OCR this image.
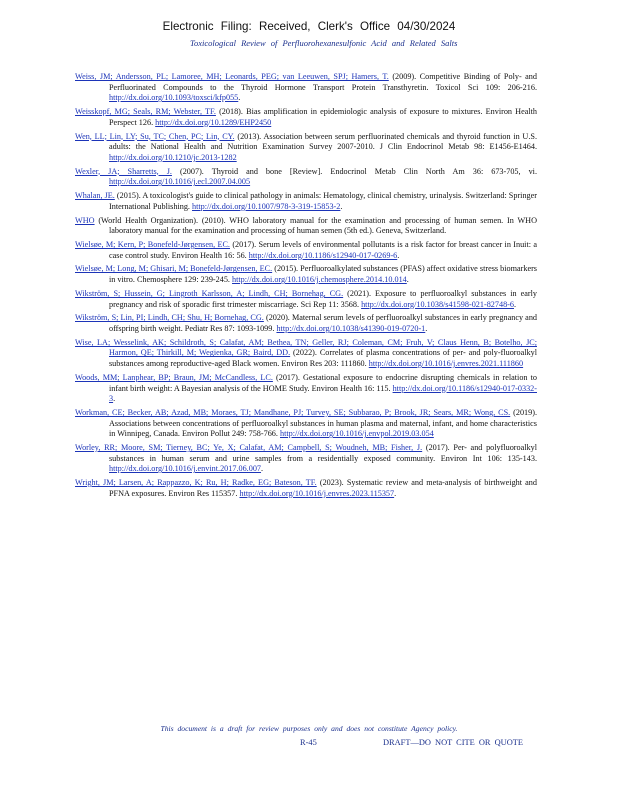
Electronic Filing: Received, Clerk's Office 04/30/2024
Toxicological Review of Perfluorohexanesulfonic Acid and Related Salts
Weiss, JM; Andersson, PL; Lamoree, MH; Leonards, PEG; van Leeuwen, SPJ; Hamers, T. (2009). Competitive Binding of Poly- and Perfluorinated Compounds to the Thyroid Hormone Transport Protein Transthyretin. Toxicol Sci 109: 206-216. http://dx.doi.org/10.1093/toxsci/kfp055.
Weisskopf, MG; Seals, RM; Webster, TF. (2018). Bias amplification in epidemiologic analysis of exposure to mixtures. Environ Health Perspect 126. http://dx.doi.org/10.1289/EHP2450
Wen, LL; Lin, LY; Su, TC; Chen, PC; Lin, CY. (2013). Association between serum perfluorinated chemicals and thyroid function in U.S. adults: the National Health and Nutrition Examination Survey 2007-2010. J Clin Endocrinol Metab 98: E1456-E1464. http://dx.doi.org/10.1210/jc.2013-1282
Wexler, JA; Sharretts, J. (2007). Thyroid and bone [Review]. Endocrinol Metab Clin North Am 36: 673-705, vi. http://dx.doi.org/10.1016/j.ecl.2007.04.005
Whalan, JE. (2015). A toxicologist's guide to clinical pathology in animals: Hematology, clinical chemistry, urinalysis. Switzerland: Springer International Publishing. http://dx.doi.org/10.1007/978-3-319-15853-2.
WHO (World Health Organization). (2010). WHO laboratory manual for the examination and processing of human semen. In WHO laboratory manual for the examination and processing of human semen (5th ed.). Geneva, Switzerland.
Wielsøe, M; Kern, P; Bonefeld-Jørgensen, EC. (2017). Serum levels of environmental pollutants is a risk factor for breast cancer in Inuit: a case control study. Environ Health 16: 56. http://dx.doi.org/10.1186/s12940-017-0269-6.
Wielsøe, M; Long, M; Ghisari, M; Bonefeld-Jørgensen, EC. (2015). Perfluoroalkylated substances (PFAS) affect oxidative stress biomarkers in vitro. Chemosphere 129: 239-245. http://dx.doi.org/10.1016/j.chemosphere.2014.10.014.
Wikström, S; Hussein, G; Lingroth Karlsson, A; Lindh, CH; Bornehag, CG. (2021). Exposure to perfluoroalkyl substances in early pregnancy and risk of sporadic first trimester miscarriage. Sci Rep 11: 3568. http://dx.doi.org/10.1038/s41598-021-82748-6.
Wikström, S; Lin, PI; Lindh, CH; Shu, H; Bornehag, CG. (2020). Maternal serum levels of perfluoroalkyl substances in early pregnancy and offspring birth weight. Pediatr Res 87: 1093-1099. http://dx.doi.org/10.1038/s41390-019-0720-1.
Wise, LA; Wesselink, AK; Schildroth, S; Calafat, AM; Bethea, TN; Geller, RJ; Coleman, CM; Fruh, V; Claus Henn, B; Botelho, JC; Harmon, QE; Thirkill, M; Wegienka, GR; Baird, DD. (2022). Correlates of plasma concentrations of per- and poly-fluoroalkyl substances among reproductive-aged Black women. Environ Res 203: 111860. http://dx.doi.org/10.1016/j.envres.2021.111860
Woods, MM; Lanphear, BP; Braun, JM; McCandless, LC. (2017). Gestational exposure to endocrine disrupting chemicals in relation to infant birth weight: A Bayesian analysis of the HOME Study. Environ Health 16: 115. http://dx.doi.org/10.1186/s12940-017-0332-3.
Workman, CE; Becker, AB; Azad, MB; Moraes, TJ; Mandhane, PJ; Turvey, SE; Subbarao, P; Brook, JR; Sears, MR; Wong, CS. (2019). Associations between concentrations of perfluoroalkyl substances in human plasma and maternal, infant, and home characteristics in Winnipeg, Canada. Environ Pollut 249: 758-766. http://dx.doi.org/10.1016/j.envpol.2019.03.054
Worley, RR; Moore, SM; Tierney, BC; Ye, X; Calafat, AM; Campbell, S; Woudneh, MB; Fisher, J. (2017). Per- and polyfluoroalkyl substances in human serum and urine samples from a residentially exposed community. Environ Int 106: 135-143. http://dx.doi.org/10.1016/j.envint.2017.06.007.
Wright, JM; Larsen, A; Rappazzo, K; Ru, H; Radke, EG; Bateson, TF. (2023). Systematic review and meta-analysis of birthweight and PFNA exposures. Environ Res 115357. http://dx.doi.org/10.1016/j.envres.2023.115357.
This document is a draft for review purposes only and does not constitute Agency policy.
R-45	DRAFT—DO NOT CITE OR QUOTE
